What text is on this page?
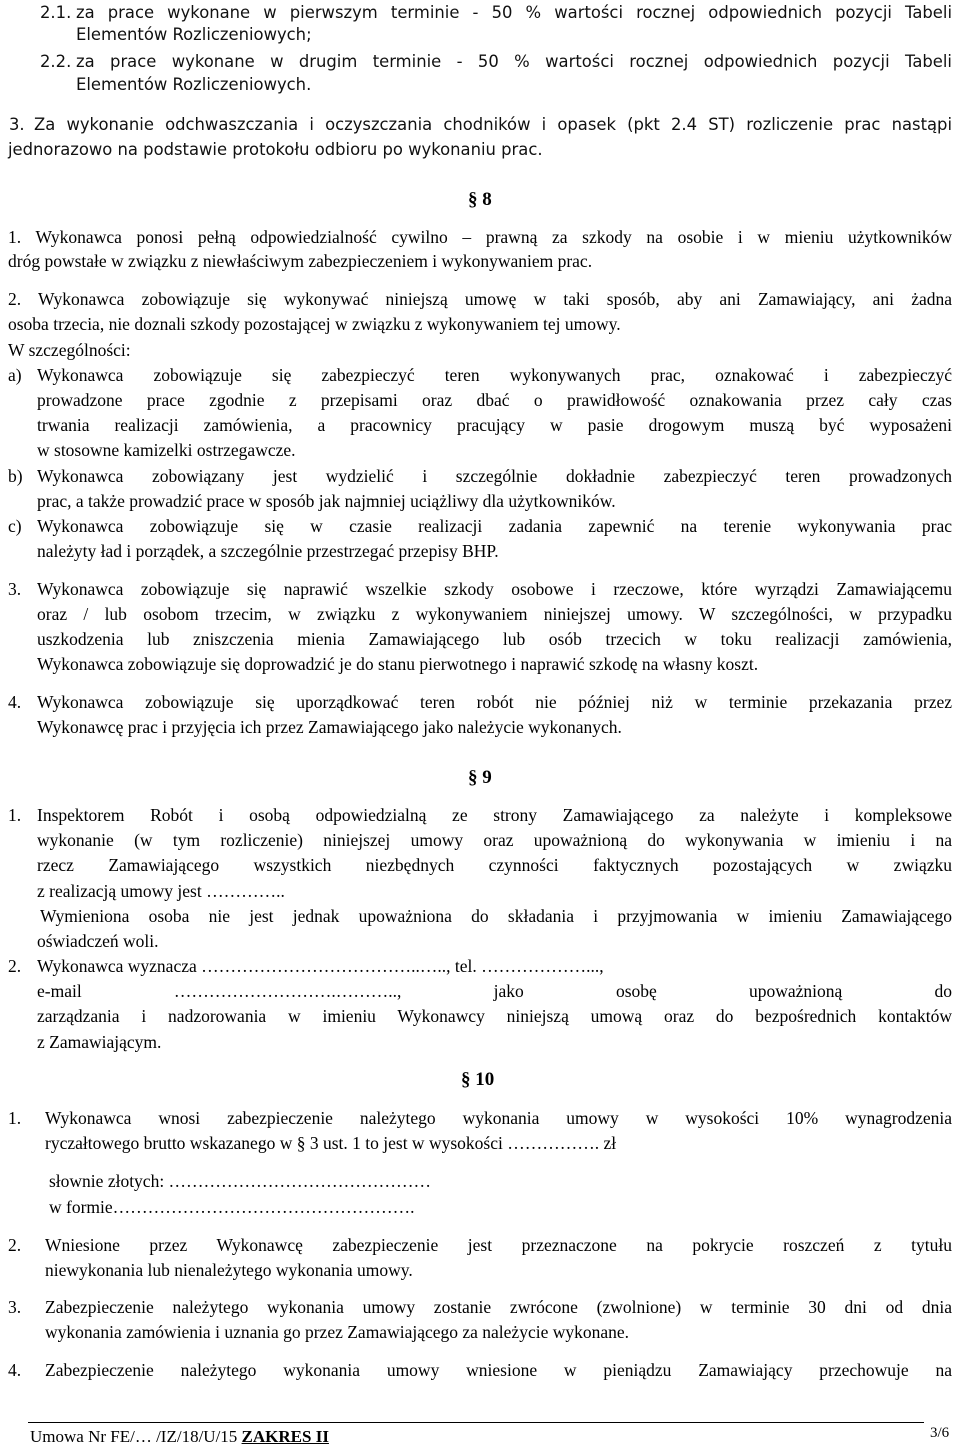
2.1. za prace wykonane w pierwszym terminie - 50 % wartości rocznej odpowiednich pozycji Tabeli
Elementów Rozliczeniowych;
2.2. za prace wykonane w drugim terminie - 50 % wartości rocznej odpowiednich pozycji Tabeli
Elementów Rozliczeniowych.
3. Za wykonanie odchwaszczania i oczyszczania chodników i opasek (pkt 2.4 ST) rozliczenie prac nastąpi
jednorazowo na podstawie protokołu odbioru po wykonaniu prac.
§ 8
1. Wykonawca ponosi pełną odpowiedzialność cywilno – prawną za szkody na osobie i w mieniu użytkowników
dróg powstałe w związku z niewłaściwym zabezpieczeniem i wykonywaniem prac.
2. Wykonawca zobowiązuje się wykonywać niniejszą umowę w taki sposób, aby ani Zamawiający, ani żadna
osoba trzecia, nie doznali szkody pozostającej w związku z wykonywaniem tej umowy.
W szczególności:
a) Wykonawca zobowiązuje się zabezpieczyć teren wykonywanych prac, oznakować i zabezpieczyć
prowadzone prace zgodnie z przepisami oraz dbać o prawidłowość oznakowania przez cały czas
trwania realizacji zamówienia, a pracownicy pracujący w pasie drogowym muszą być wyposażeni
w stosowne kamizelki ostrzegawcze.
b) Wykonawca zobowiązany jest wydzielić i szczególnie dokładnie zabezpieczyć teren prowadzonych
prac, a także prowadzić prace w sposób jak najmniej uciążliwy dla użytkowników.
c) Wykonawca zobowiązuje się w czasie realizacji zadania zapewnić na terenie wykonywania prac
należyty ład i porządek, a szczególnie przestrzegać przepisy BHP.
3. Wykonawca zobowiązuje się naprawić wszelkie szkody osobowe i rzeczowe, które wyrządzi Zamawiającemu
oraz / lub osobom trzecim, w związku z wykonywaniem niniejszej umowy. W szczególności, w przypadku
uszkodzenia lub zniszczenia mienia Zamawiającego lub osób trzecich w toku realizacji zamówienia,
Wykonawca zobowiązuje się doprowadzić je do stanu pierwotnego i naprawić szkodę na własny koszt.
4. Wykonawca zobowiązuje się uporządkować teren robót nie później niż w terminie przekazania przez
Wykonawcę prac i przyjęcia ich przez Zamawiającego jako należycie wykonanych.
§ 9
1. Inspektorem Robót i osobą odpowiedzialną ze strony Zamawiającego za należyte i kompleksowe
wykonanie (w tym rozliczenie) niniejszej umowy oraz upoważnioną do wykonywania w imieniu i na
rzecz Zamawiającego wszystkich niezbędnych czynności faktycznych pozostających w związku
z realizacją umowy jest …………..
Wymieniona osoba nie jest jednak upoważniona do składania i przyjmowania w imieniu Zamawiającego
oświadczeń woli.
2. Wykonawca wyznacza ………………………………..….., tel. ………………...,
e-mail ……………………….……….., jako osobę upoważnioną do
zarządzania i nadzorowania w imieniu Wykonawcy niniejszą umową oraz do bezpośrednich kontaktów
z Zamawiającym.
§ 10
1. Wykonawca wnosi zabezpieczenie należytego wykonania umowy w wysokości 10% wynagrodzenia
ryczałtowego brutto wskazanego w § 3 ust. 1 to jest w wysokości ……………. zł
słownie złotych: ………………………………………
w formie…………………………………………….
2. Wniesione przez Wykonawcę zabezpieczenie jest przeznaczone na pokrycie roszczeń z tytułu
niewykonania lub nienależytego wykonania umowy.
3. Zabezpieczenie należytego wykonania umowy zostanie zwrócone (zwolnione) w terminie 30 dni od dnia
wykonania zamówienia i uznania go przez Zamawiającego za należycie wykonane.
4. Zabezpieczenie należytego wykonania umowy wniesione w pieniądzu Zamawiający przechowuje na
Umowa Nr FE/… /IZ/18/U/15 ZAKRES II	3/6
